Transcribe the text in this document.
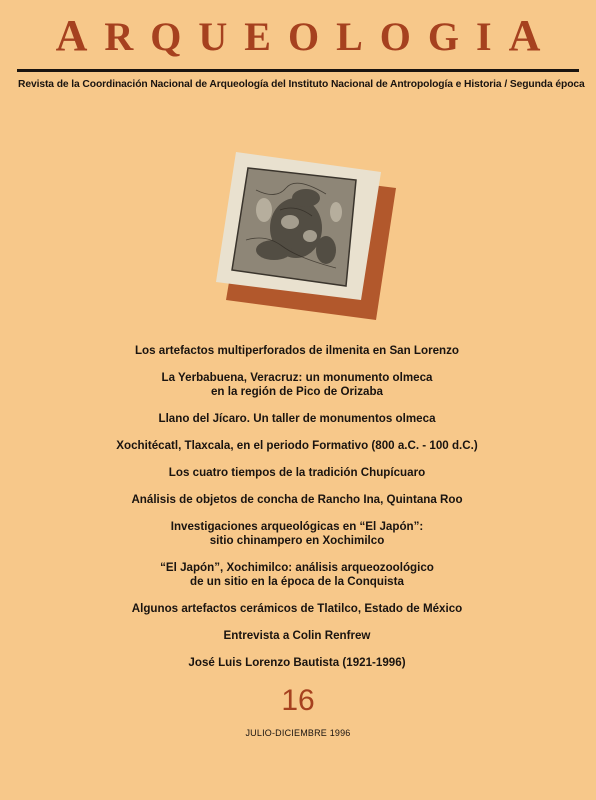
ARQUEOLOGIA
Revista de la Coordinación Nacional de Arqueología del Instituto Nacional de Antropología e Historia / Segunda época
Los artefactos multiperforados de ilmenita en San Lorenzo
La Yerbabuena, Veracruz: un monumento olmeca
en la región de Pico de Orizaba
Llano del Jícaro. Un taller de monumentos olmeca
Xochitécatl, Tlaxcala, en el periodo Formativo (800 a.C. - 100 d.C.)
Los cuatro tiempos de la tradición Chupícuaro
Análisis de objetos de concha de Rancho Ina, Quintana Roo
Investigaciones arqueológicas en “El Japón”:
sitio chinampero en Xochimilco
“El Japón”, Xochimilco: análisis arqueozoológico
de un sitio en la época de la Conquista
Algunos artefactos cerámicos de Tlatilco, Estado de México
Entrevista a Colin Renfrew
José Luis Lorenzo Bautista (1921-1996)
16
JULIO-DICIEMBRE 1996
